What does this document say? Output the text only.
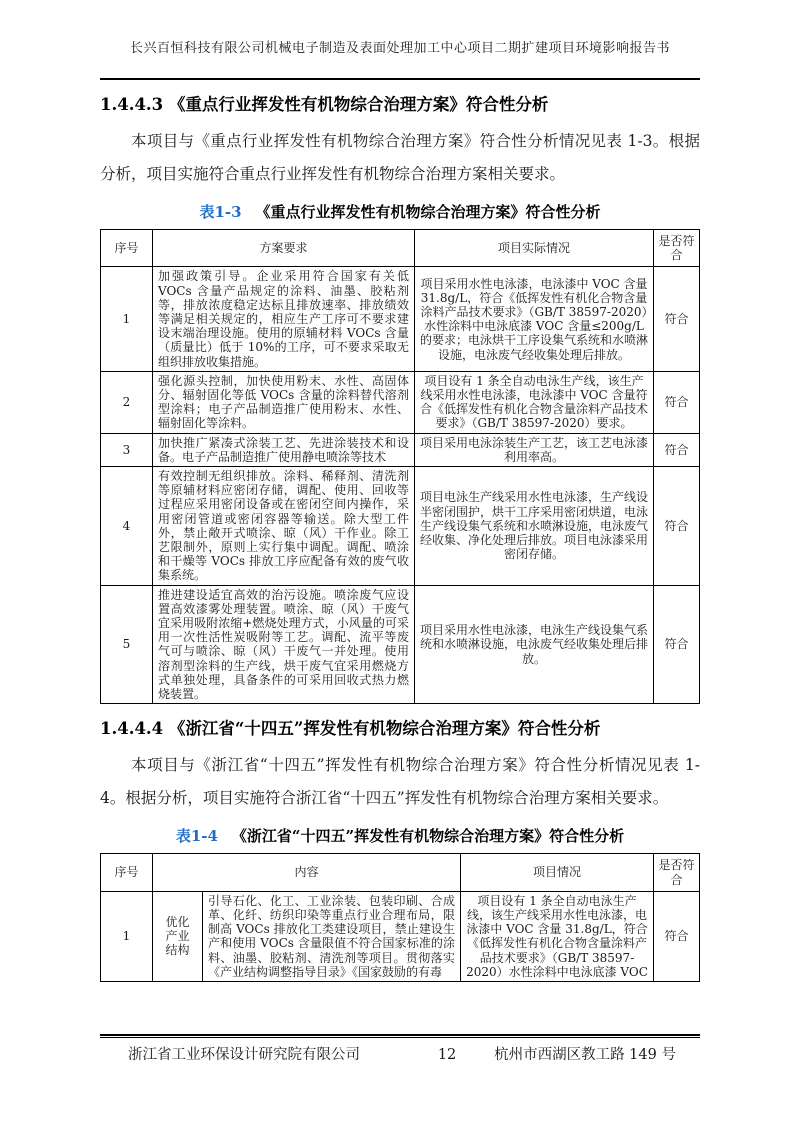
长兴百恒科技有限公司机械电子制造及表面处理加工中心项目二期扩建项目环境影响报告书
1.4.4.3 《重点行业挥发性有机物综合治理方案》符合性分析

本项目与《重点行业挥发性有机物综合治理方案》符合性分析情况见表 1-3。根据分析，项目实施符合重点行业挥发性有机物综合治理方案相关要求。

表1-3 《重点行业挥发性有机物综合治理方案》符合性分析
序号	方案要求	项目实际情况	是否符合
1	加强政策引导。企业采用符合国家有关低 VOCs 含量产品规定的涂料、油墨、胶粘剂等，排放浓度稳定达标且排放速率、排放绩效等满足相关规定的，相应生产工序可不要求建设末端治理设施。使用的原辅材料 VOCs 含量（质量比）低于 10%的工序，可不要求采取无组织排放收集措施。	项目采用水性电泳漆，电泳漆中 VOC 含量 31.8g/L，符合《低挥发性有机化合物含量涂料产品技术要求》（GB/T 38597-2020）水性涂料中电泳底漆 VOC 含量≤200g/L 的要求；电泳烘干工序设集气系统和水喷淋设施，电泳废气经收集处理后排放。	符合
2	强化源头控制，加快使用粉末、水性、高固体分、辐射固化等低 VOCs 含量的涂料替代溶剂型涂料；电子产品制造推广使用粉末、水性、辐射固化等涂料。	项目设有 1 条全自动电泳生产线，该生产线采用水性电泳漆，电泳漆中 VOC 含量符合《低挥发性有机化合物含量涂料产品技术要求》（GB/T 38597-2020）要求。	符合
3	加快推广紧凑式涂装工艺、先进涂装技术和设备。电子产品制造推广使用静电喷涂等技术	项目采用电泳涂装生产工艺，该工艺电泳漆利用率高。	符合
4	有效控制无组织排放。涂料、稀释剂、清洗剂等原辅材料应密闭存储，调配、使用、回收等过程应采用密闭设备或在密闭空间内操作，采用密闭管道或密闭容器等输送。除大型工件外，禁止敞开式喷涂、晾（风）干作业。除工艺限制外，原则上实行集中调配。调配、喷涂和干燥等 VOCs 排放工序应配备有效的废气收集系统。	项目电泳生产线采用水性电泳漆，生产线设半密闭围护，烘干工序采用密闭烘道，电泳生产线设集气系统和水喷淋设施，电泳废气经收集、净化处理后排放。项目电泳漆采用密闭存储。	符合
5	推进建设适宜高效的治污设施。喷涂废气应设置高效漆雾处理装置。喷涂、晾（风）干废气宜采用吸附浓缩+燃烧处理方式，小风量的可采用一次性活性炭吸附等工艺。调配、流平等废气可与喷涂、晾（风）干废气一并处理。使用溶剂型涂料的生产线，烘干废气宜采用燃烧方式单独处理，具备条件的可采用回收式热力燃烧装置。	项目采用水性电泳漆，电泳生产线设集气系统和水喷淋设施，电泳废气经收集处理后排放。	符合
1.4.4.4 《浙江省“十四五”挥发性有机物综合治理方案》符合性分析

本项目与《浙江省“十四五”挥发性有机物综合治理方案》符合性分析情况见表 1-4。根据分析，项目实施符合浙江省“十四五”挥发性有机物综合治理方案相关要求。

表1-4 《浙江省“十四五”挥发性有机物综合治理方案》符合性分析
序号	内容		项目情况	是否符合
1	优化产业结构	引导石化、化工、工业涂装、包装印刷、合成革、化纤、纺织印染等重点行业合理布局，限制高 VOCs 排放化工类建设项目，禁止建设生产和使用 VOCs 含量限值不符合国家标准的涂料、油墨、胶粘剂、清洗剂等项目。贯彻落实《产业结构调整指导目录》《国家鼓励的有毒	项目设有 1 条全自动电泳生产线，该生产线采用水性电泳漆，电泳漆中 VOC 含量 31.8g/L，符合《低挥发性有机化合物含量涂料产品技术要求》（GB/T 38597-2020）水性涂料中电泳底漆 VOC	符合
浙江省工业环保设计研究院有限公司	12	杭州市西湖区教工路 149 号
